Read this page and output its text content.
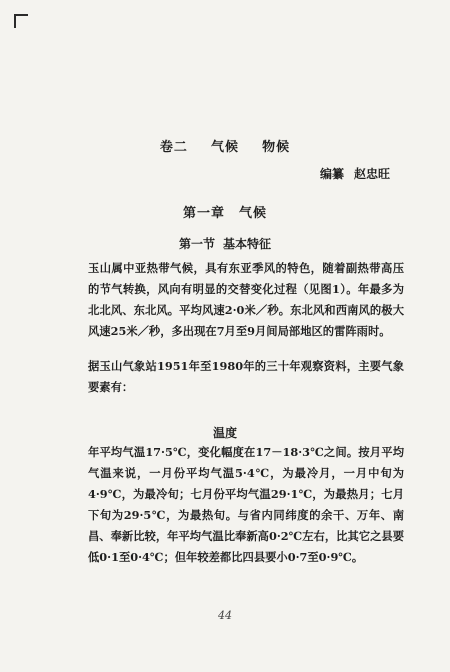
卷二 气候 物候
编纂 赵忠旺
第一章 气候
第一节 基本特征
玉山属中亚热带气候，具有东亚季风的特色，随着副热带高压的节气转换，风向有明显的交替变化过程（见图1）。年最多为北北风、东北风。平均风速2·0米／秒。东北风和西南风的极大风速25米／秒，多出现在7月至9月间局部地区的雷阵雨时。
据玉山气象站1951年至1980年的三十年观察资料，主要气象要素有：
温度
年平均气温17·5℃，变化幅度在17－18·3℃之间。按月平均气温来说，一月份平均气温5·4℃，为最冷月，一月中旬为4·9℃，为最冷旬；七月份平均气温29·1℃，为最热月；七月下旬为29·5℃，为最热旬。与省内同纬度的余干、万年、南昌、奉新比较，年平均气温比奉新高0·2℃左右，比其它之县要低0·1至0·4℃；但年较差都比四县要小0·7至0·9℃。
44
